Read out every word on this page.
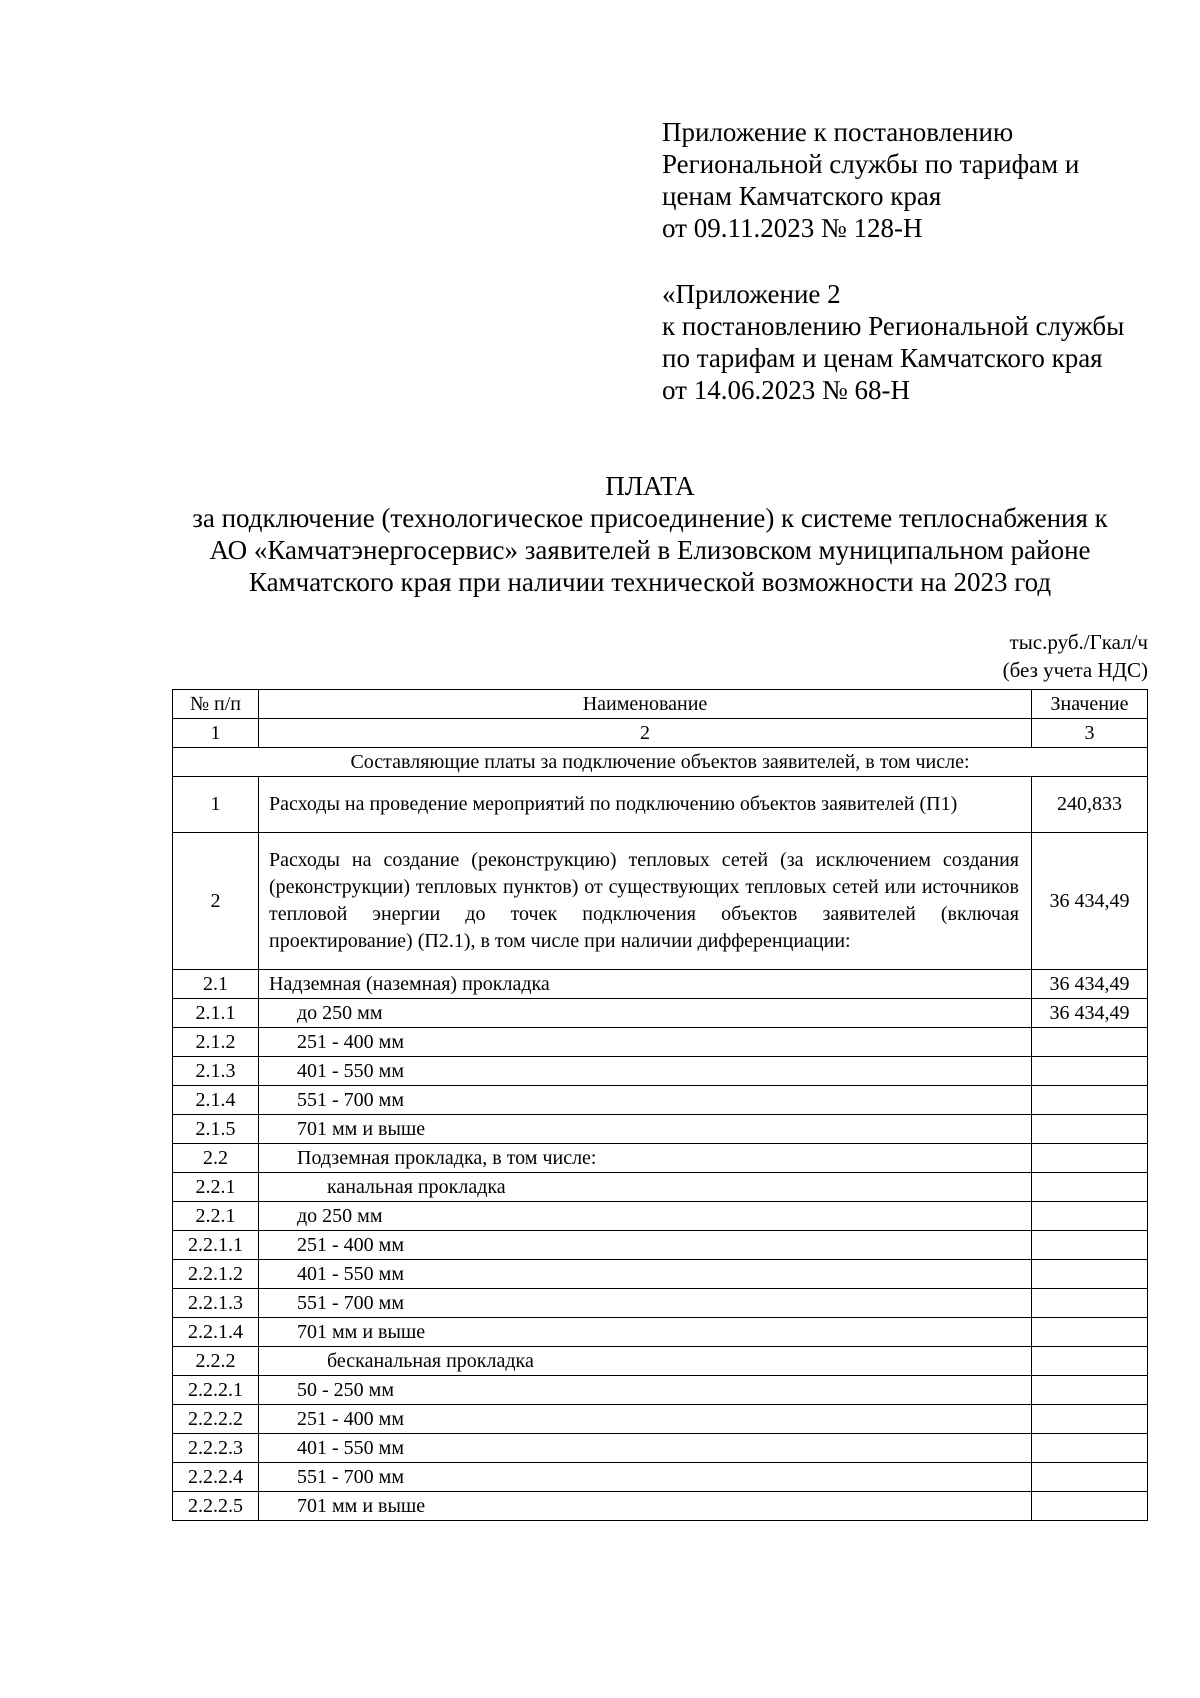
Приложение к постановлению
Региональной службы по тарифам и
ценам Камчатского края
от 09.11.2023 № 128-Н
«Приложение 2
к постановлению Региональной службы
по тарифам и ценам Камчатского края
от 14.06.2023 № 68-Н
ПЛАТА
за подключение (технологическое присоединение) к системе теплоснабжения к
АО «Камчатэнергосервис» заявителей в Елизовском муниципальном районе
Камчатского края при наличии технической возможности на 2023 год
тыс.руб./Гкал/ч
(без учета НДС)
№ п/п	Наименование	Значение
1	2	3
Составляющие платы за подключение объектов заявителей, в том числе:		
1	Расходы на проведение мероприятий по подключению объектов заявителей (П1)	240,833
2	Расходы на создание (реконструкцию) тепловых сетей (за исключением создания (реконструкции) тепловых пунктов) от существующих тепловых сетей или источников тепловой энергии до точек подключения объектов заявителей (включая проектирование) (П2.1), в том числе при наличии дифференциации:	36 434,49
2.1	Надземная (наземная) прокладка	36 434,49
2.1.1	до 250 мм	36 434,49
2.1.2	251 - 400 мм	
2.1.3	401 - 550 мм	
2.1.4	551 - 700 мм	
2.1.5	701 мм и выше	
2.2	Подземная прокладка, в том числе:	
2.2.1	канальная прокладка	
2.2.1	до 250 мм	
2.2.1.1	251 - 400 мм	
2.2.1.2	401 - 550 мм	
2.2.1.3	551 - 700 мм	
2.2.1.4	701 мм и выше	
2.2.2	бесканальная прокладка	
2.2.2.1	50 - 250 мм	
2.2.2.2	251 - 400 мм	
2.2.2.3	401 - 550 мм	
2.2.2.4	551 - 700 мм	
2.2.2.5	701 мм и выше	
